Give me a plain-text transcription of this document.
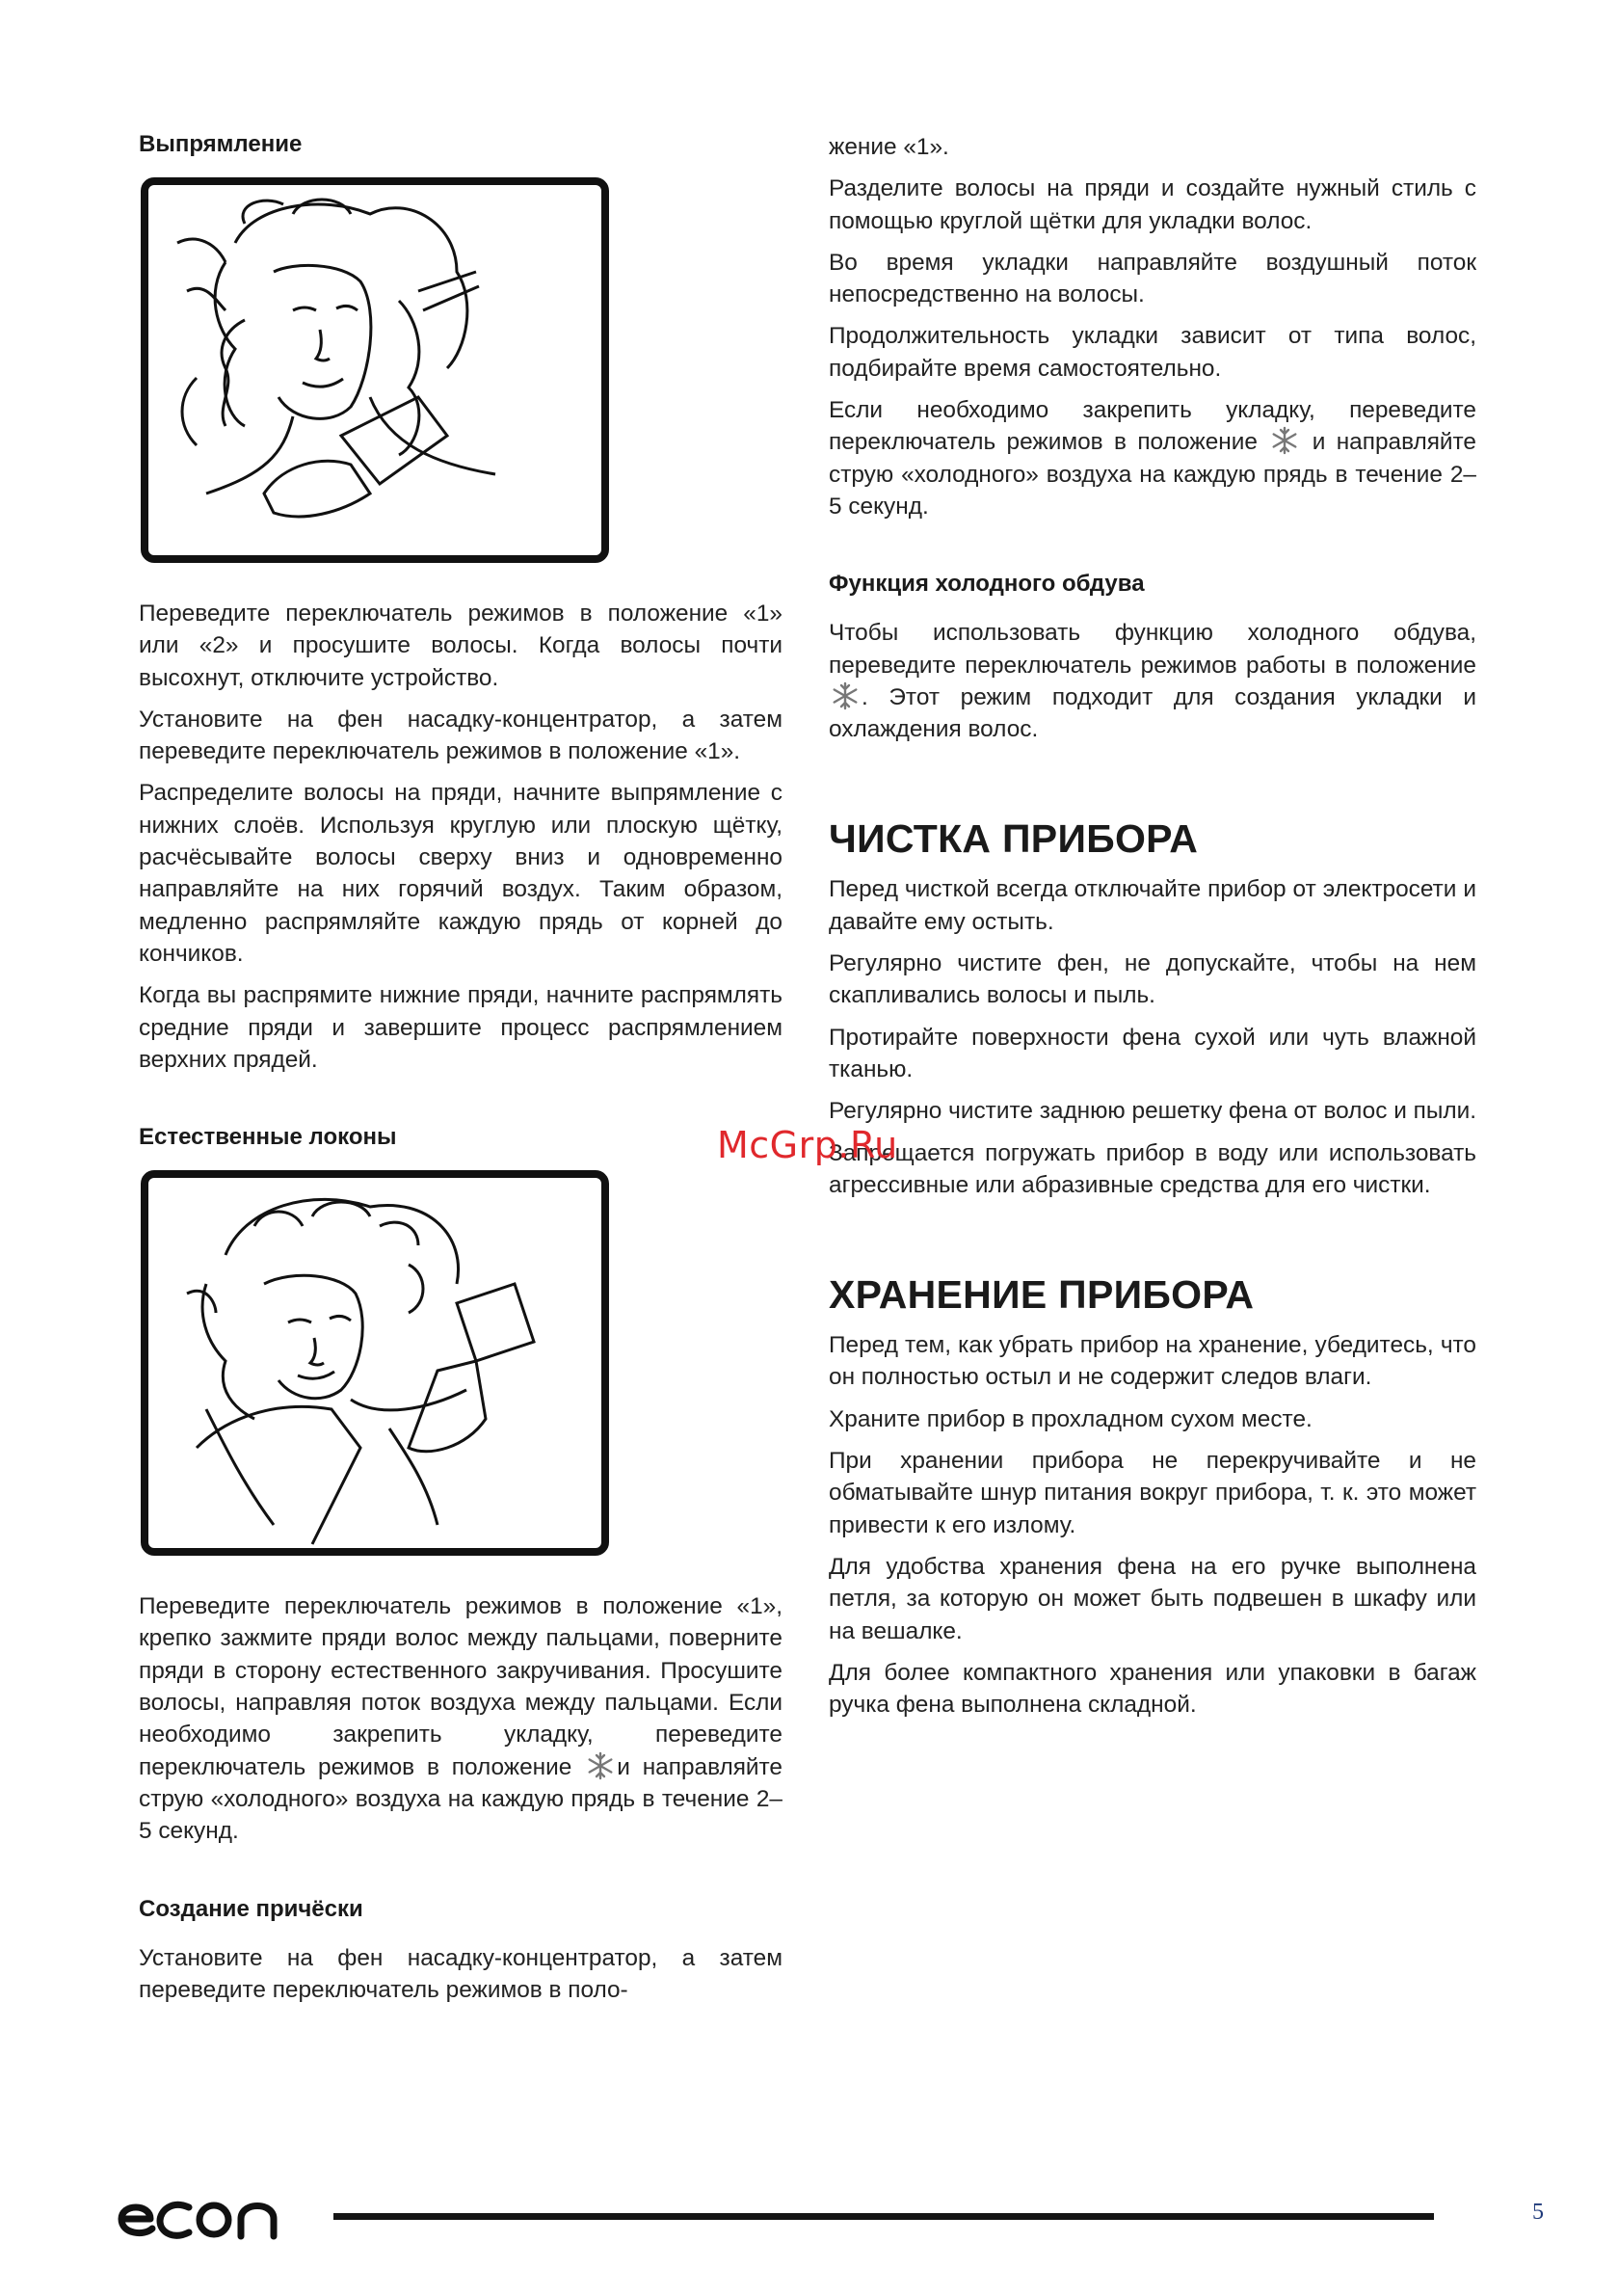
Выпрямление

Переведите переключатель режимов в положение «1» или «2» и просушите волосы. Когда волосы почти высохнут, отключите устройство.

Установите на фен насадку-концентратор, а затем переведите переключатель режимов в положение «1».

Распределите волосы на пряди, начните выпрямление с нижних слоёв. Используя круглую или плоскую щётку, расчёсывайте волосы сверху вниз и одновременно направляйте на них горячий воздух. Таким образом, медленно распрямляйте каждую прядь от корней до кончиков.

Когда вы распрямите нижние пряди, начните распрямлять средние пряди и завершите процесс распрямлением верхних прядей.

Естественные локоны

Переведите переключатель режимов в положение «1», крепко зажмите пряди волос между пальцами, поверните пряди в сторону естественного закручивания. Просушите волосы, направляя поток воздуха между пальцами. Если необходимо закрепить укладку, переведите переключатель режимов в положение и направляйте струю «холодного» воздуха на каждую прядь в течение 2–5 секунд.

Создание причёски

Установите на фен насадку-концентратор, а затем переведите переключатель режимов в поло-

жение «1».

Разделите волосы на пряди и создайте нужный стиль с помощью круглой щётки для укладки волос.

Во время укладки направляйте воздушный поток непосредственно на волосы.

Продолжительность укладки зависит от типа волос, подбирайте время самостоятельно.

Если необходимо закрепить укладку, переведите переключатель режимов в положение и направляйте струю «холодного» воздуха на каждую прядь в течение 2–5 секунд.

Функция холодного обдува

Чтобы использовать функцию холодного обдува, переведите переключатель режимов работы в положение . Этот режим подходит для создания укладки и охлаждения волос.

ЧИСТКА ПРИБОРА

Перед чисткой всегда отключайте прибор от электросети и давайте ему остыть.

Регулярно чистите фен, не допускайте, чтобы на нем скапливались волосы и пыль.

Протирайте поверхности фена сухой или чуть влажной тканью.

Регулярно чистите заднюю решетку фена от волос и пыли.

Запрещается погружать прибор в воду или использовать агрессивные или абразивные средства для его чистки.

ХРАНЕНИЕ ПРИБОРА

Перед тем, как убрать прибор на хранение, убедитесь, что он полностью остыл и не содержит следов влаги.

Храните прибор в прохладном сухом месте.

При хранении прибора не перекручивайте и не обматывайте шнур питания вокруг прибора, т. к. это может привести к его излому.

Для удобства хранения фена на его ручке выполнена петля, за которую он может быть подвешен в шкафу или на вешалке.

Для более компактного хранения или упаковки в багаж ручка фена выполнена складной.

McGrp.Ru
5
